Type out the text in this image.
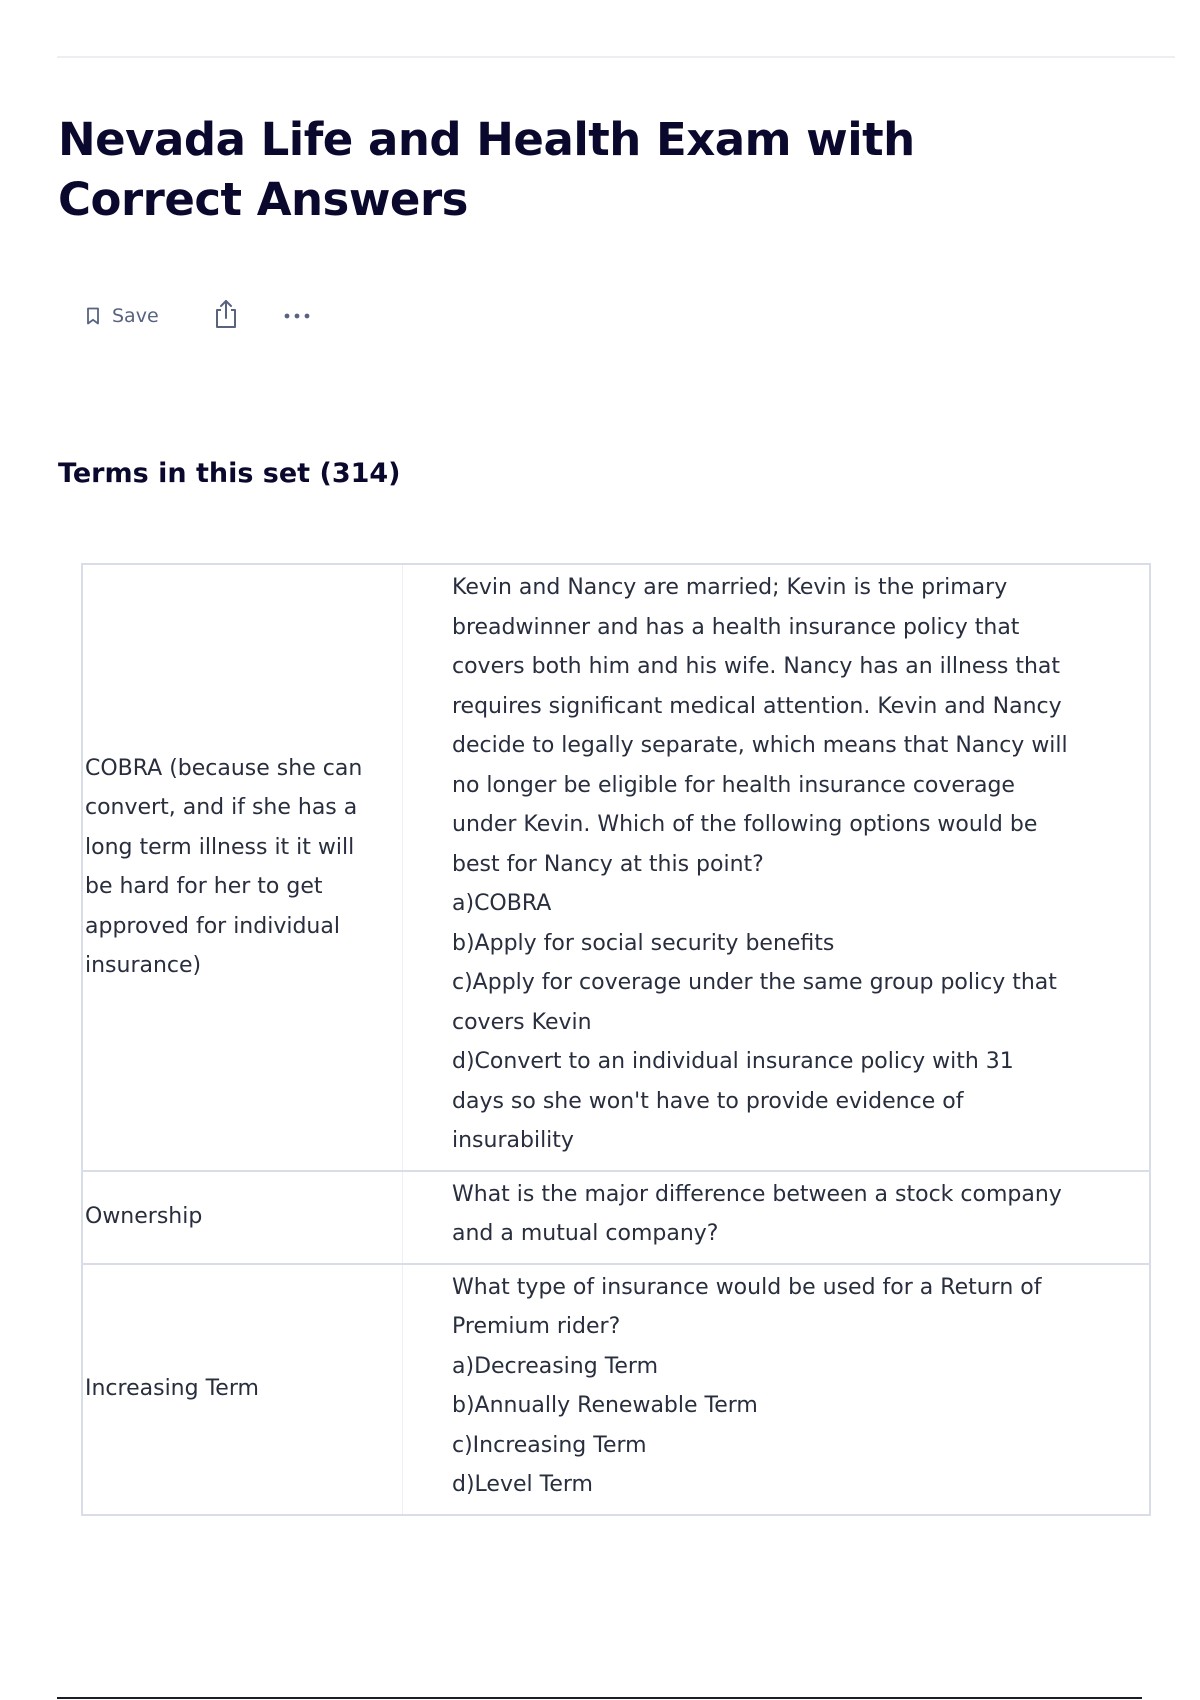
Nevada Life and Health Exam with Correct Answers
Save
Terms in this set (314)
COBRA (because she can convert, and if she has a long term illness it it will be hard for her to get approved for individual insurance)
Kevin and Nancy are married; Kevin is the primary breadwinner and has a health insurance policy that covers both him and his wife. Nancy has an illness that requires significant medical attention. Kevin and Nancy decide to legally separate, which means that Nancy will no longer be eligible for health insurance coverage under Kevin. Which of the following options would be best for Nancy at this point?
a)COBRA
b)Apply for social security benefits
c)Apply for coverage under the same group policy that covers Kevin
d)Convert to an individual insurance policy with 31 days so she won't have to provide evidence of insurability
Ownership
What is the major difference between a stock company and a mutual company?
Increasing Term
What type of insurance would be used for a Return of Premium rider?
a)Decreasing Term
b)Annually Renewable Term
c)Increasing Term
d)Level Term
